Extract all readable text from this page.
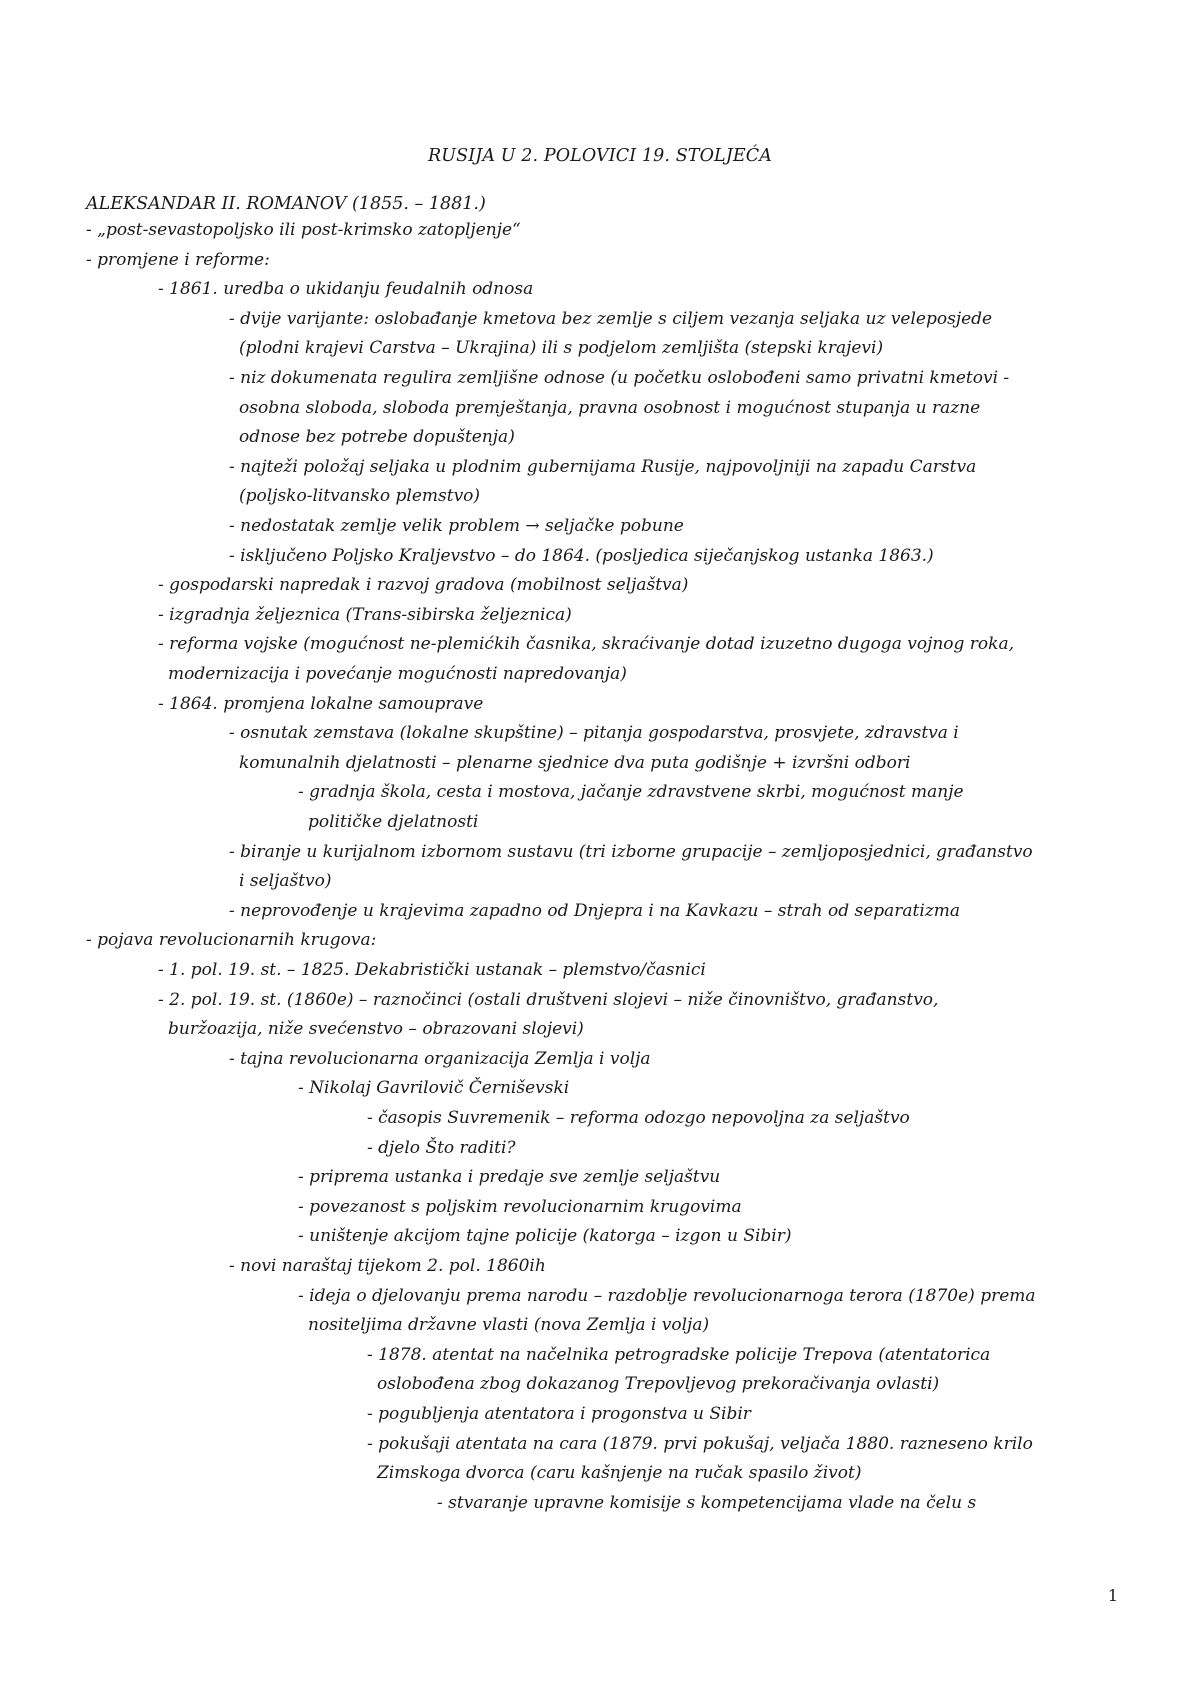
RUSIJA U 2. POLOVICI 19. STOLJEĆA
ALEKSANDAR II. ROMANOV (1855. – 1881.)
- „post-sevastopoljsko ili post-krimsko zatopljenje“
- promjene i reforme:
- 1861. uredba o ukidanju feudalnih odnosa
- dvije varijante: oslobađanje kmetova bez zemlje s ciljem vezanja seljaka uz veleposjede
(plodni krajevi Carstva – Ukrajina) ili s podjelom zemljišta (stepski krajevi)
- niz dokumenata regulira zemljišne odnose (u početku oslobođeni samo privatni kmetovi -
osobna sloboda, sloboda premještanja, pravna osobnost i mogućnost stupanja u razne
odnose bez potrebe dopuštenja)
- najteži položaj seljaka u plodnim gubernijama Rusije, najpovoljniji na zapadu Carstva
(poljsko-litvansko plemstvo)
- nedostatak zemlje velik problem → seljačke pobune
- isključeno Poljsko Kraljevstvo – do 1864. (posljedica siječanjskog ustanka 1863.)
- gospodarski napredak i razvoj gradova (mobilnost seljaštva)
- izgradnja željeznica (Trans-sibirska željeznica)
- reforma vojske (mogućnost ne-plemićkih časnika, skraćivanje dotad izuzetno dugoga vojnog roka,
modernizacija i povećanje mogućnosti napredovanja)
- 1864. promjena lokalne samouprave
- osnutak zemstava (lokalne skupštine) – pitanja gospodarstva, prosvjete, zdravstva i
komunalnih djelatnosti – plenarne sjednice dva puta godišnje + izvršni odbori
- gradnja škola, cesta i mostova, jačanje zdravstvene skrbi, mogućnost manje
političke djelatnosti
- biranje u kurijalnom izbornom sustavu (tri izborne grupacije – zemljoposjednici, građanstvo
i seljaštvo)
- neprovođenje u krajevima zapadno od Dnjepra i na Kavkazu – strah od separatizma
- pojava revolucionarnih krugova:
- 1. pol. 19. st. – 1825. Dekabristički ustanak – plemstvo/časnici
- 2. pol. 19. st. (1860e) – raznočinci (ostali društveni slojevi – niže činovništvo, građanstvo,
buržoazija, niže svećenstvo – obrazovani slojevi)
- tajna revolucionarna organizacija Zemlja i volja
- Nikolaj Gavrilovič Černiševski
- časopis Suvremenik – reforma odozgo nepovoljna za seljaštvo
- djelo Što raditi?
- priprema ustanka i predaje sve zemlje seljaštvu
- povezanost s poljskim revolucionarnim krugovima
- uništenje akcijom tajne policije (katorga – izgon u Sibir)
- novi naraštaj tijekom 2. pol. 1860ih
- ideja o djelovanju prema narodu – razdoblje revolucionarnoga terora (1870e) prema
nositeljima državne vlasti (nova Zemlja i volja)
- 1878. atentat na načelnika petrogradske policije Trepova (atentatorica
oslobođena zbog dokazanog Trepovljevog prekoračivanja ovlasti)
- pogubljenja atentatora i progonstva u Sibir
- pokušaji atentata na cara (1879. prvi pokušaj, veljača 1880. razneseno krilo
Zimskoga dvorca (caru kašnjenje na ručak spasilo život)
- stvaranje upravne komisije s kompetencijama vlade na čelu s
1
